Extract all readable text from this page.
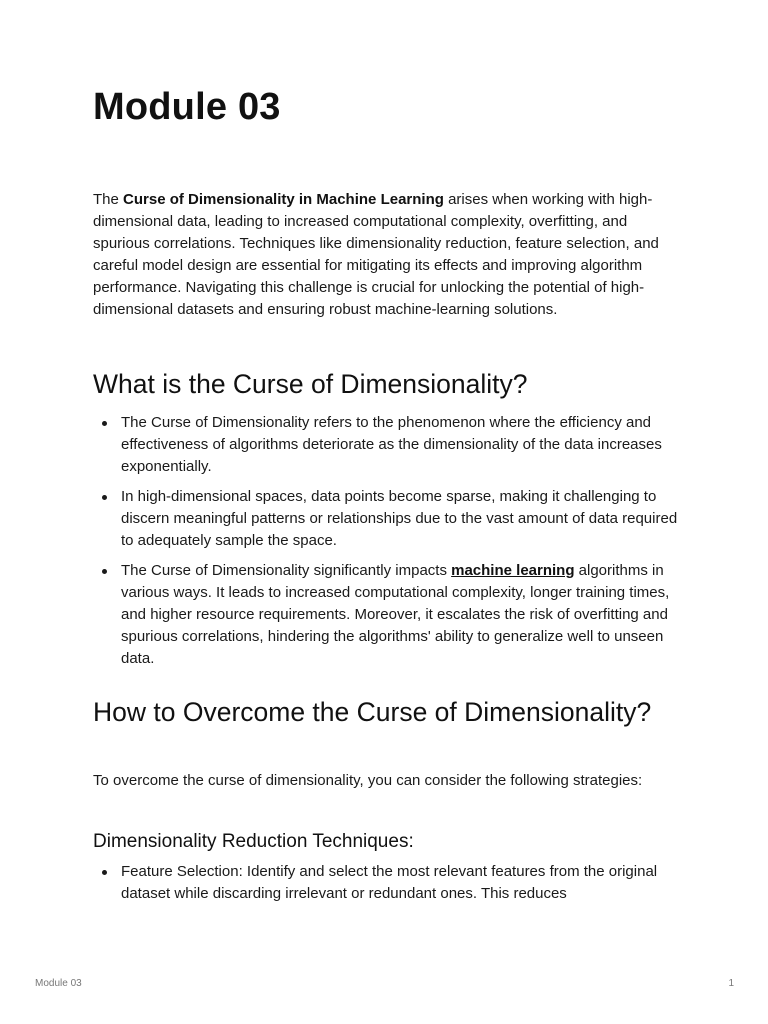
Module 03

The Curse of Dimensionality in Machine Learning arises when working with high-dimensional data, leading to increased computational complexity, overfitting, and spurious correlations. Techniques like dimensionality reduction, feature selection, and careful model design are essential for mitigating its effects and improving algorithm performance. Navigating this challenge is crucial for unlocking the potential of high-dimensional datasets and ensuring robust machine-learning solutions.

What is the Curse of Dimensionality?
The Curse of Dimensionality refers to the phenomenon where the efficiency and effectiveness of algorithms deteriorate as the dimensionality of the data increases exponentially.
In high-dimensional spaces, data points become sparse, making it challenging to discern meaningful patterns or relationships due to the vast amount of data required to adequately sample the space.
The Curse of Dimensionality significantly impacts machine learning algorithms in various ways. It leads to increased computational complexity, longer training times, and higher resource requirements. Moreover, it escalates the risk of overfitting and spurious correlations, hindering the algorithms' ability to generalize well to unseen data.
How to Overcome the Curse of Dimensionality?

To overcome the curse of dimensionality, you can consider the following strategies:

Dimensionality Reduction Techniques:
Feature Selection: Identify and select the most relevant features from the original dataset while discarding irrelevant or redundant ones. This reduces
Module 03	1
